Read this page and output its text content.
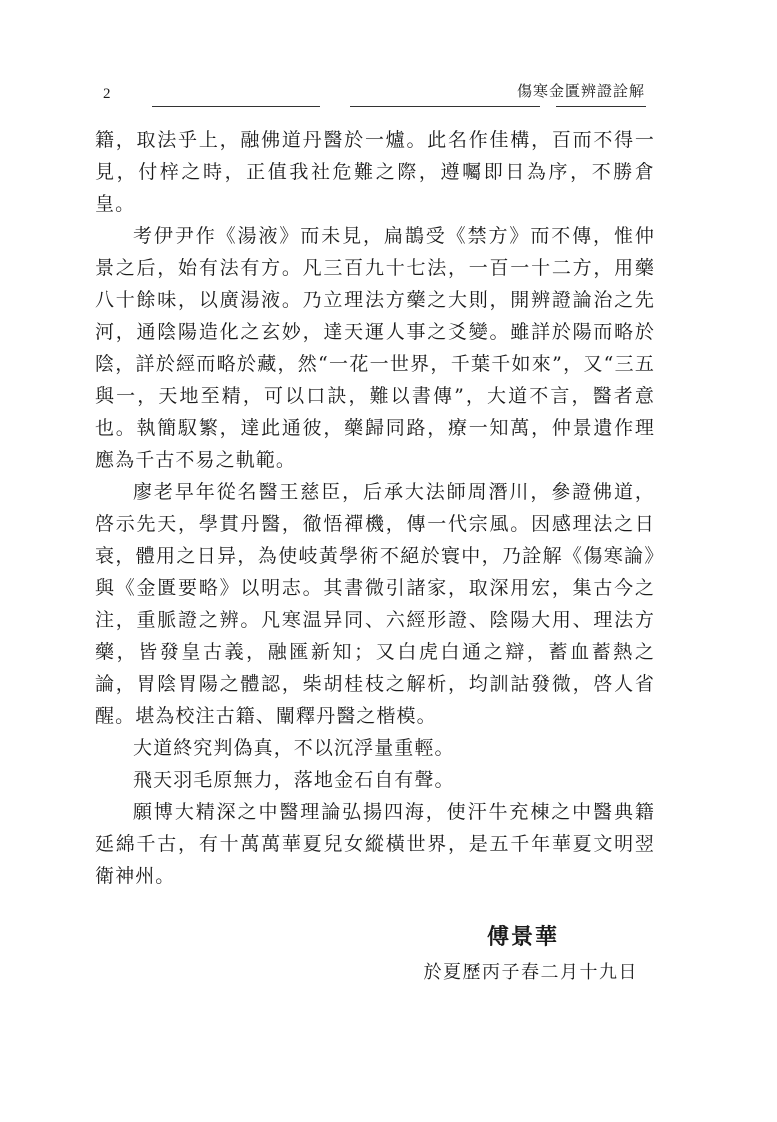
2	傷寒金匱辨證詮解

籍，取法乎上，融佛道丹醫於一爐。此名作佳構，百而不得一見，付梓之時，正值我社危難之際，遵囑即日為序，不勝倉皇。

考伊尹作《湯液》而未見，扁鵲受《禁方》而不傳，惟仲景之后，始有法有方。凡三百九十七法，一百一十二方，用藥八十餘味，以廣湯液。乃立理法方藥之大則，開辨證論治之先河，通陰陽造化之玄妙，達天運人事之爻變。雖詳於陽而略於陰，詳於經而略於藏，然“一花一世界，千葉千如來”，又“三五與一，天地至精，可以口訣，難以書傳”，大道不言，醫者意也。執簡馭繁，達此通彼，藥歸同路，療一知萬，仲景遺作理應為千古不易之軌範。

廖老早年從名醫王慈臣，后承大法師周潛川，參證佛道，啓示先天，學貫丹醫，徹悟禪機，傳一代宗風。因感理法之日衰，體用之日异，為使岐黃學術不絕於寰中，乃詮解《傷寒論》與《金匱要略》以明志。其書微引諸家，取深用宏，集古今之注，重脈證之辨。凡寒温异同、六經形證、陰陽大用、理法方藥，皆發皇古義，融匯新知；又白虎白通之辯，蓄血蓄熱之論，胃陰胃陽之體認，柴胡桂枝之解析，均訓詁發微，啓人省醒。堪為校注古籍、闡釋丹醫之楷模。

大道終究判偽真，不以沉浮量重輕。

飛天羽毛原無力，落地金石自有聲。

願博大精深之中醫理論弘揚四海，使汗牛充棟之中醫典籍延綿千古，有十萬萬華夏兒女縱橫世界，是五千年華夏文明翌衛神州。

傅景華
於夏歷丙子春二月十九日
